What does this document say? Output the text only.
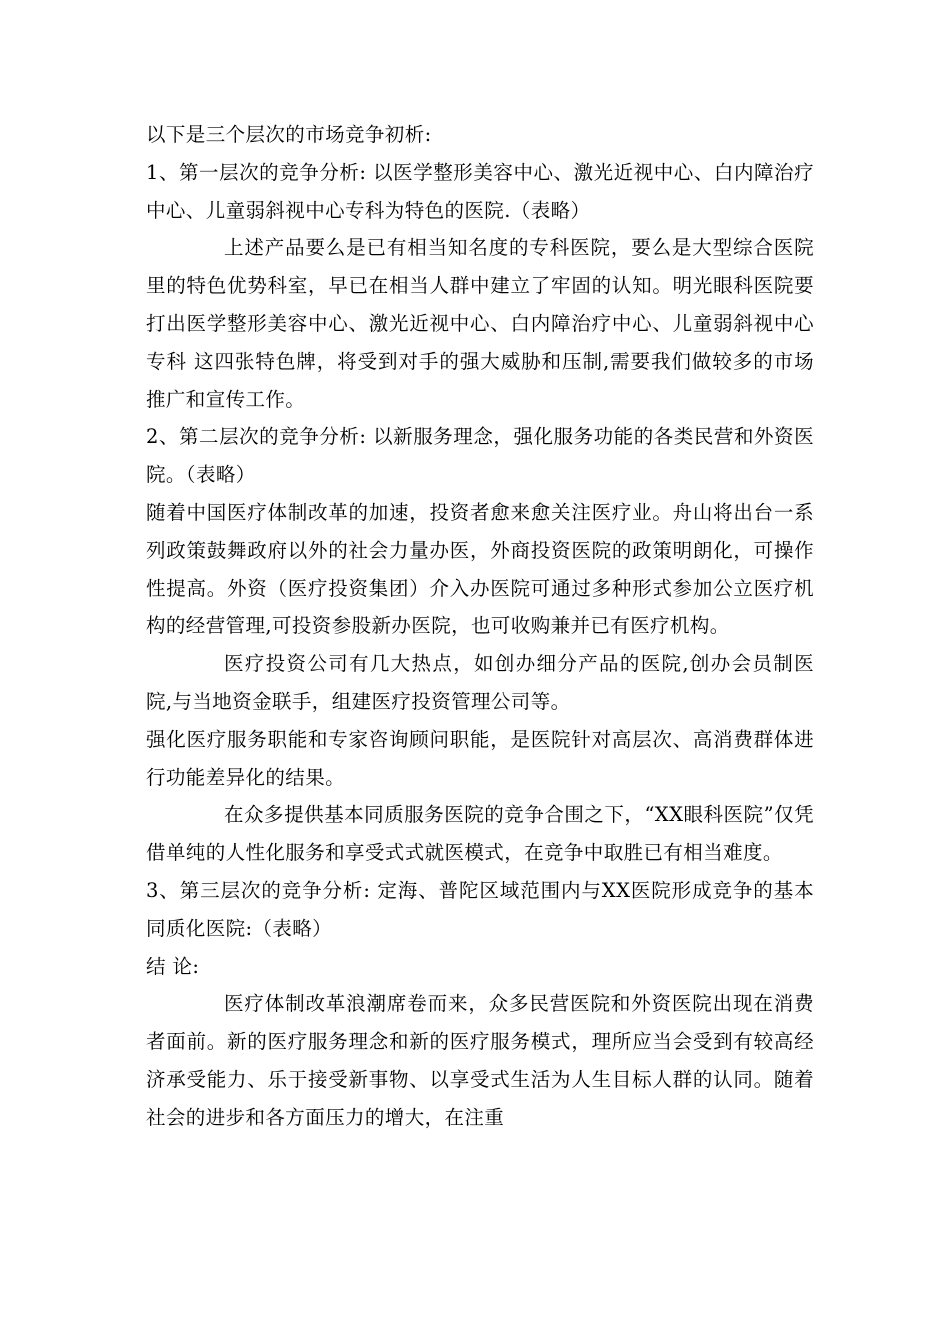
以下是三个层次的市场竞争初析:

1、第一层次的竞争分析: 以医学整形美容中心、激光近视中心、白内障治疗中心、儿童弱斜视中心专科为特色的医院.（表略）

上述产品要么是已有相当知名度的专科医院，要么是大型综合医院里的特色优势科室，早已在相当人群中建立了牢固的认知。明光眼科医院要打出医学整形美容中心、激光近视中心、白内障治疗中心、儿童弱斜视中心专科 这四张特色牌，将受到对手的强大威胁和压制,需要我们做较多的市场推广和宣传工作。

2、第二层次的竞争分析: 以新服务理念，强化服务功能的各类民营和外资医院。（表略）

随着中国医疗体制改革的加速，投资者愈来愈关注医疗业。舟山将出台一系列政策鼓舞政府以外的社会力量办医，外商投资医院的政策明朗化，可操作性提高。外资（医疗投资集团）介入办医院可通过多种形式参加公立医疗机构的经营管理,可投资参股新办医院，也可收购兼并已有医疗机构。

医疗投资公司有几大热点，如创办细分产品的医院,创办会员制医院,与当地资金联手，组建医疗投资管理公司等。

强化医疗服务职能和专家咨询顾问职能，是医院针对高层次、高消费群体进行功能差异化的结果。

在众多提供基本同质服务医院的竞争合围之下，“XX眼科医院”仅凭借单纯的人性化服务和享受式式就医模式，在竞争中取胜已有相当难度。

3、第三层次的竞争分析: 定海、普陀区域范围内与XX医院形成竞争的基本同质化医院:（表略）

结 论:

医疗体制改革浪潮席卷而来，众多民营医院和外资医院出现在消费者面前。新的医疗服务理念和新的医疗服务模式，理所应当会受到有较高经济承受能力、乐于接受新事物、以享受式生活为人生目标人群的认同。随着社会的进步和各方面压力的增大，在注重
